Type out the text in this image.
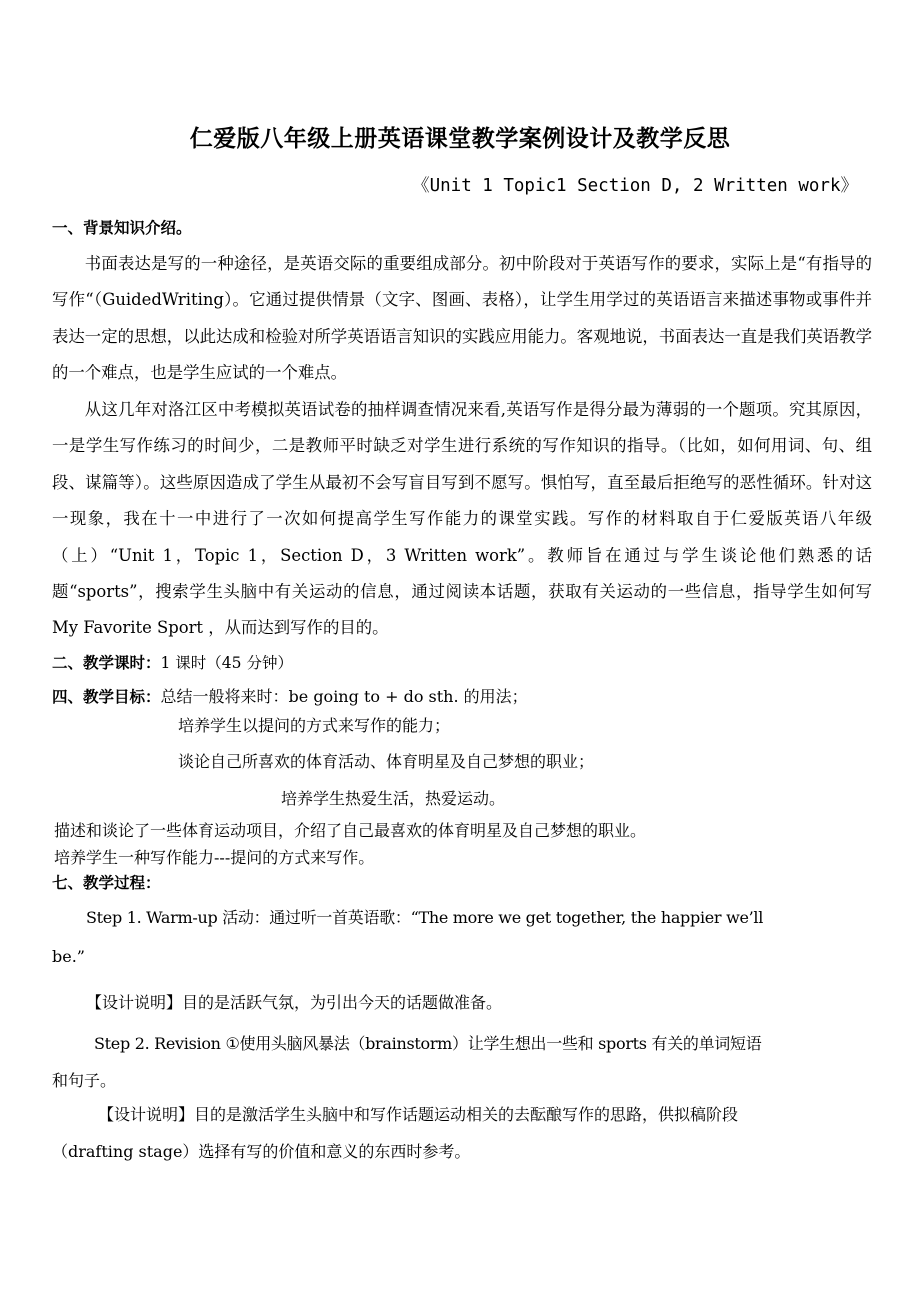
仁爱版八年级上册英语课堂教学案例设计及教学反思
《Unit 1 Topic1 Section D, 2 Written work》
一、背景知识介绍。

书面表达是写的一种途径，是英语交际的重要组成部分。初中阶段对于英语写作的要求，实际上是“有指导的写作“（GuidedWriting）。它通过提供情景（文字、图画、表格），让学生用学过的英语语言来描述事物或事件并表达一定的思想，以此达成和检验对所学英语语言知识的实践应用能力。客观地说，书面表达一直是我们英语教学的一个难点，也是学生应试的一个难点。

从这几年对洛江区中考模拟英语试卷的抽样调查情况来看,英语写作是得分最为薄弱的一个题项。究其原因，一是学生写作练习的时间少，二是教师平时缺乏对学生进行系统的写作知识的指导。（比如，如何用词、句、组段、谋篇等）。这些原因造成了学生从最初不会写盲目写到不愿写。惧怕写，直至最后拒绝写的恶性循环。针对这一现象，我在十一中进行了一次如何提高学生写作能力的课堂实践。写作的材料取自于仁爱版英语八年级（上）“Unit 1，Topic 1，Section D，3 Written work”。教师旨在通过与学生谈论他们熟悉的话题“sports”，搜索学生头脑中有关运动的信息，通过阅读本话题，获取有关运动的一些信息，指导学生如何写 My Favorite Sport ，从而达到写作的目的。

二、教学课时：1 课时（45 分钟）
四、教学目标：总结一般将来时：be going to + do sth. 的用法；

培养学生以提问的方式来写作的能力；

谈论自己所喜欢的体育活动、体育明星及自己梦想的职业；

培养学生热爱生活，热爱运动。

描述和谈论了一些体育运动项目，介绍了自己最喜欢的体育明星及自己梦想的职业。

培养学生一种写作能力---提问的方式来写作。

七、教学过程：

Step 1. Warm-up 活动：通过听一首英语歌：“The more we get together, the happier we’ll

be.”

【设计说明】目的是活跃气氛，为引出今天的话题做准备。

Step 2. Revision ①使用头脑风暴法（brainstorm）让学生想出一些和 sports 有关的单词短语

和句子。

【设计说明】目的是激活学生头脑中和写作话题运动相关的去酝酿写作的思路，供拟稿阶段

（drafting stage）选择有写的价值和意义的东西时参考。
